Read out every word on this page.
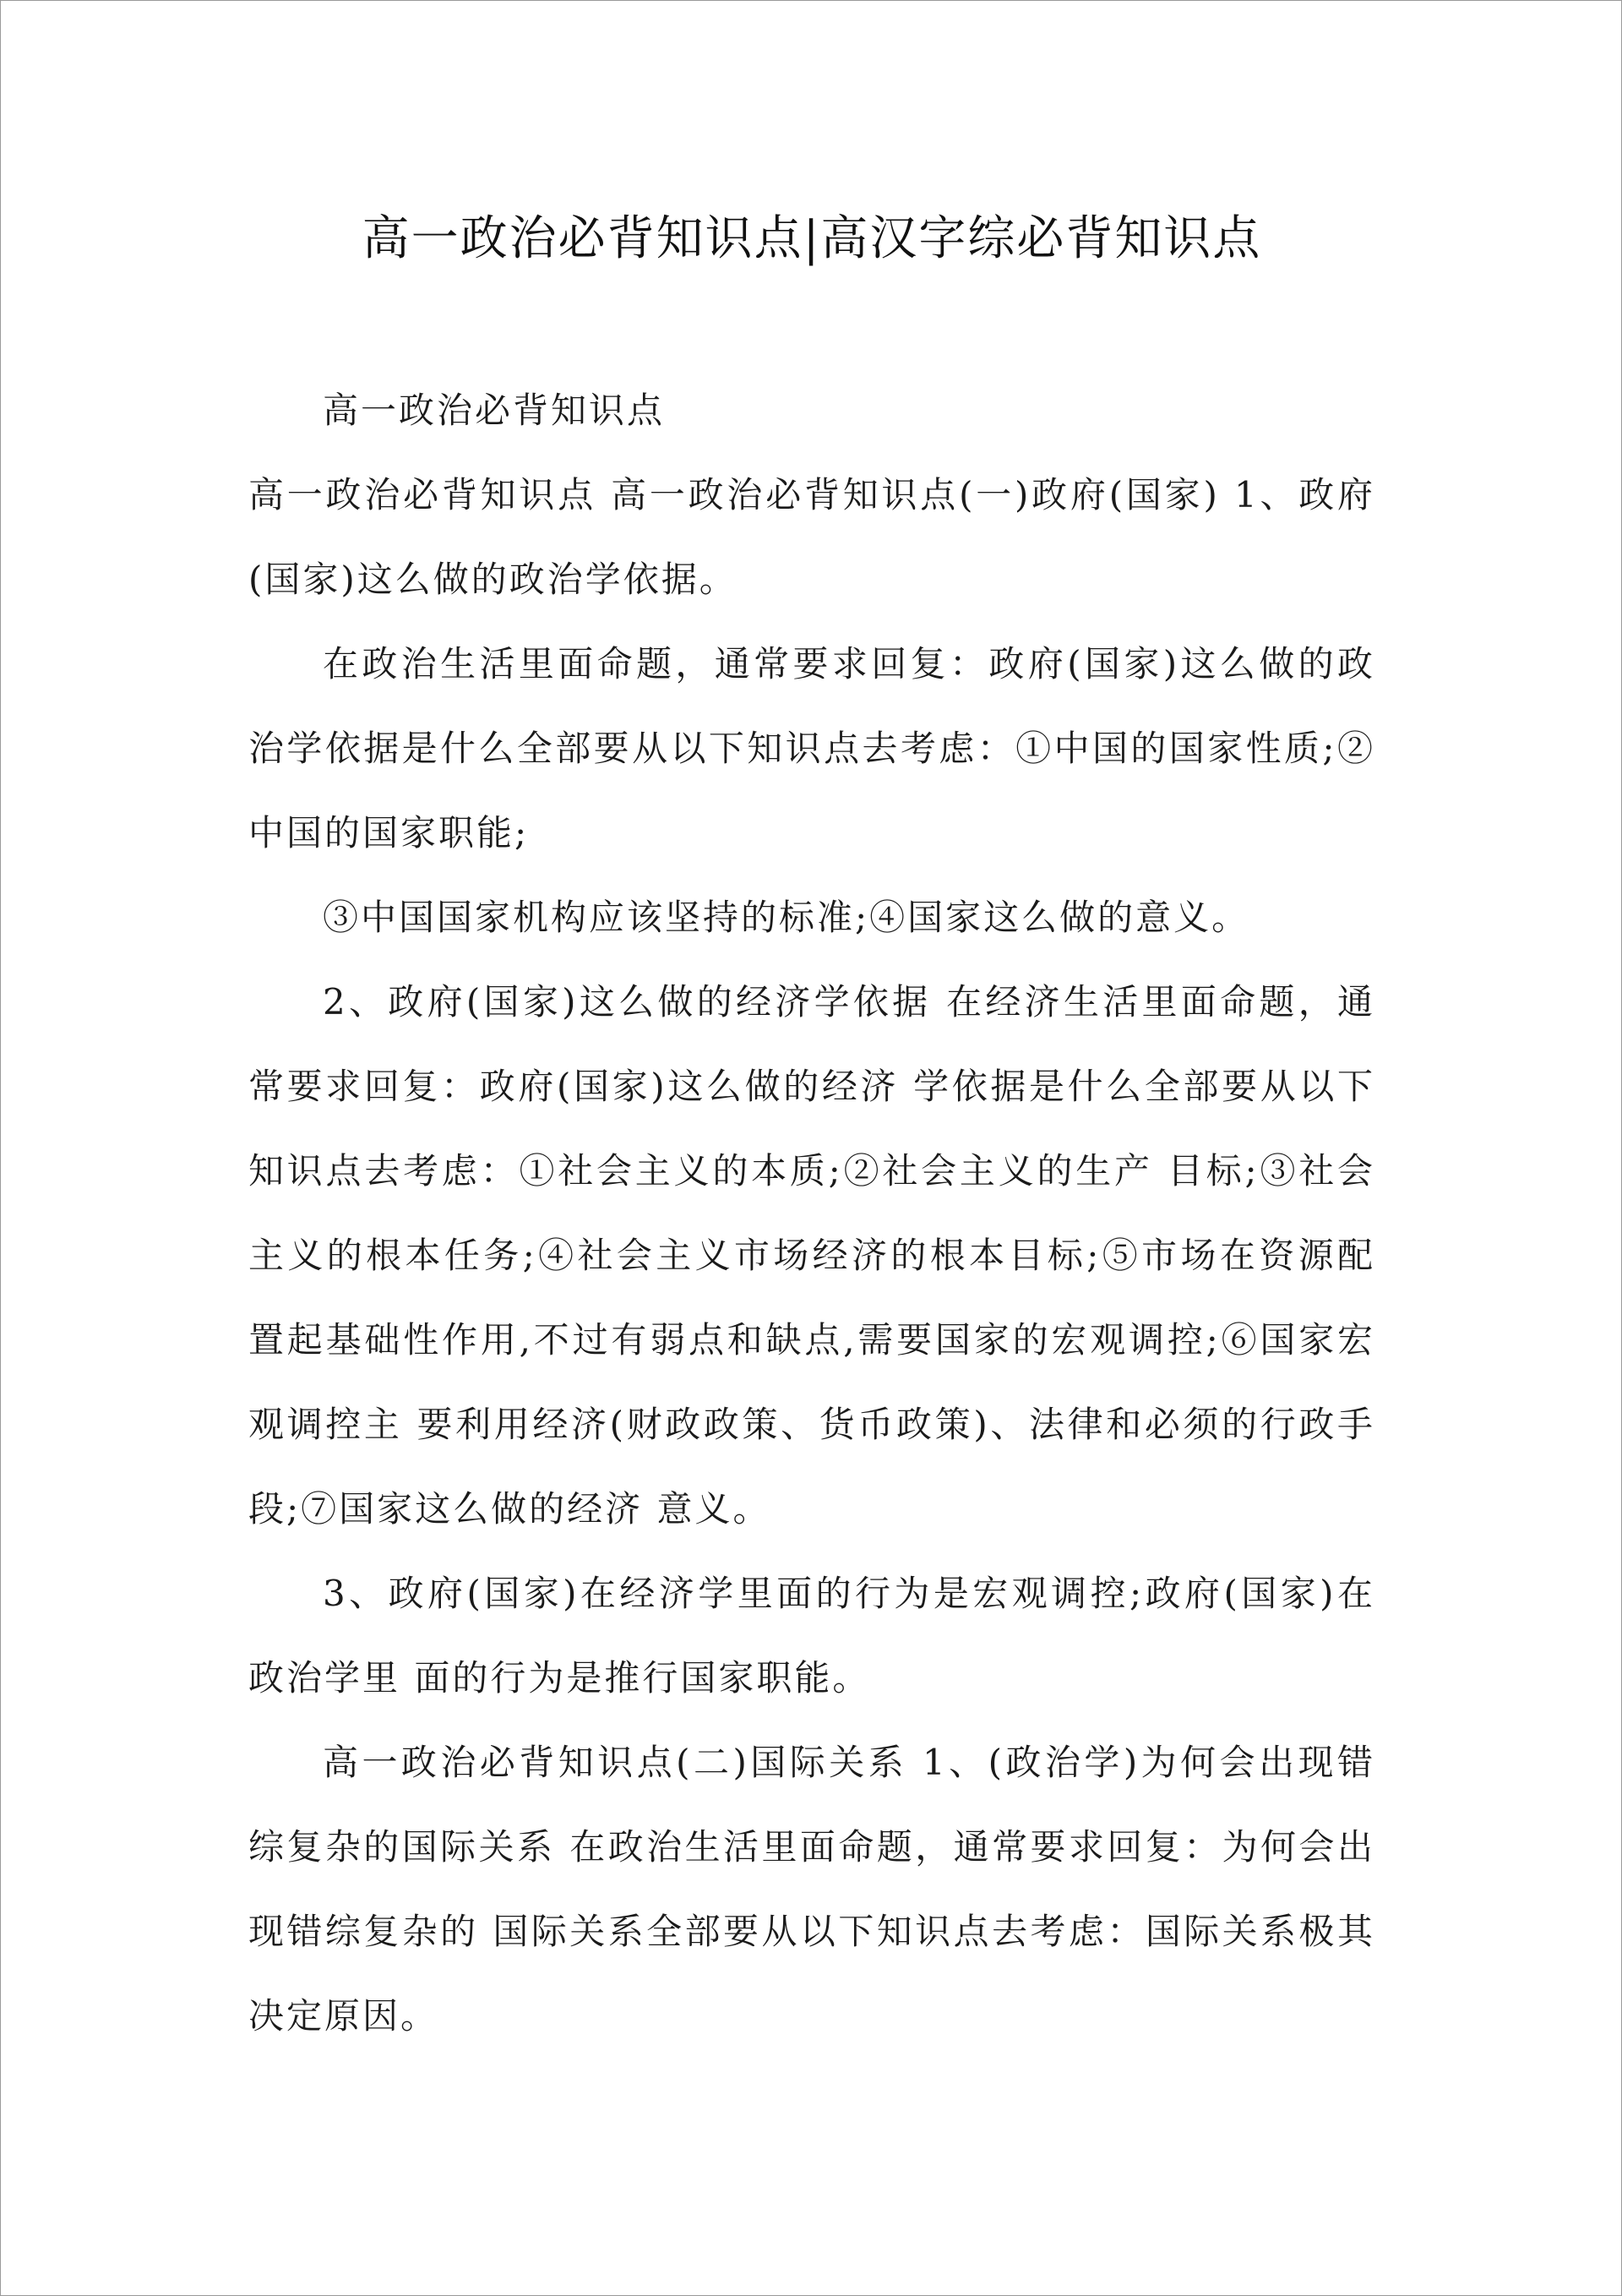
高一政治必背知识点|高汉字综必背知识点

高一政治必背知识点

高一政治必背知识点 高一政治必背知识点(一)政府(国家) 1、政府(国家)这么做的政治学依据。

在政治生活里面命题，通常要求回复：政府(国家)这么做的政治学依据是什么全部要从以下知识点去考虑：①中国的国家性质;②中国的国家职能;

③中国国家机构应该坚持的标准;④国家这么做的意义。

2、政府(国家)这么做的经济学依据 在经济生活里面命题，通常要求回复：政府(国家)这么做的经济 学依据是什么全部要从以下知识点去考虑：①社会主义的本质;②社会主义的生产 目标;③社会主义的根本任务;④社会主义市场经济的根本目标;⑤市场在资源配 置起基础性作用,不过有弱点和缺点,需要国家的宏观调控;⑥国家宏观调控主 要利用经济(财政政策、货币政策)、法律和必须的行政手段;⑦国家这么做的经济 意义。

3、政府(国家)在经济学里面的行为是宏观调控;政府(国家)在政治学里 面的行为是推行国家职能。

高一政治必背知识点(二)国际关系 1、(政治学)为何会出现错综复杂的国际关系 在政治生活里面命题，通常要求回复：为何会出现错综复杂的 国际关系全部要从以下知识点去考虑：国际关系极其决定原因。
